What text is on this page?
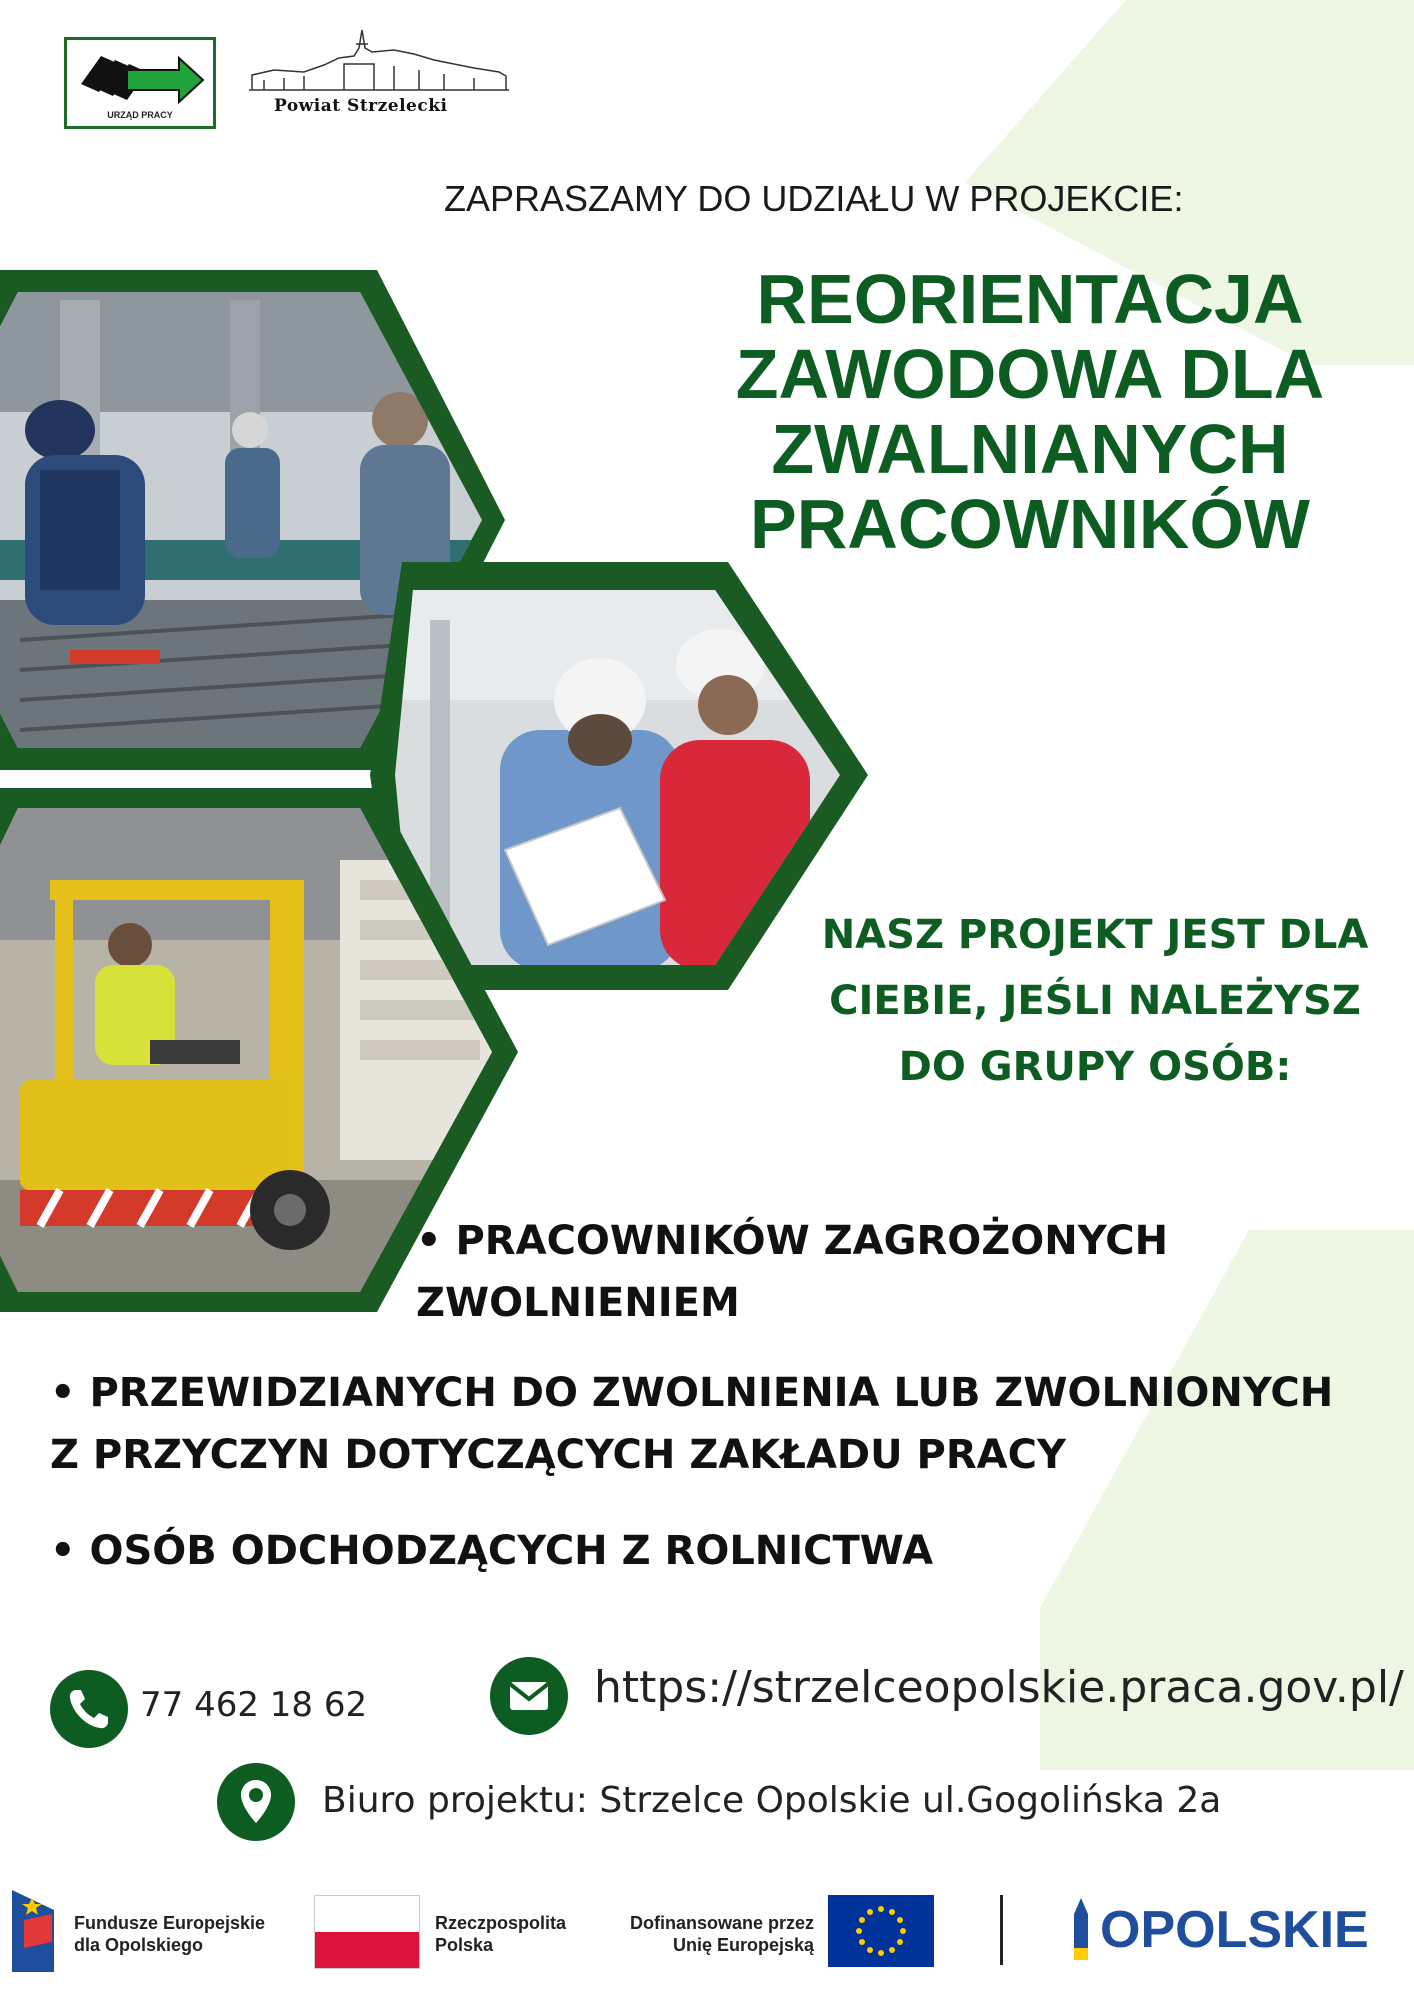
URZĄD PRACY	Powiat Strzelecki
ZAPRASZAMY DO UDZIAŁU W PROJEKCIE:
REORIENTACJA
ZAWODOWA DLA
ZWALNIANYCH
PRACOWNIKÓW
NASZ PROJEKT JEST DLA
CIEBIE, JEŚLI NALEŻYSZ
DO GRUPY OSÓB:
• PRACOWNIKÓW ZAGROŻONYCH
ZWOLNIENIEM
• PRZEWIDZIANYCH DO ZWOLNIENIA LUB ZWOLNIONYCH
Z PRZYCZYN DOTYCZĄCYCH ZAKŁADU PRACY
• OSÓB ODCHODZĄCYCH Z ROLNICTWA
77 462 18 62	https://strzelceopolskie.praca.gov.pl/
Biuro projektu: Strzelce Opolskie ul.Gogolińska 2a
Fundusze Europejskie
dla Opolskiego
Rzeczpospolita
Polska
Dofinansowane przez
Unię Europejską	OPOLSKIE
